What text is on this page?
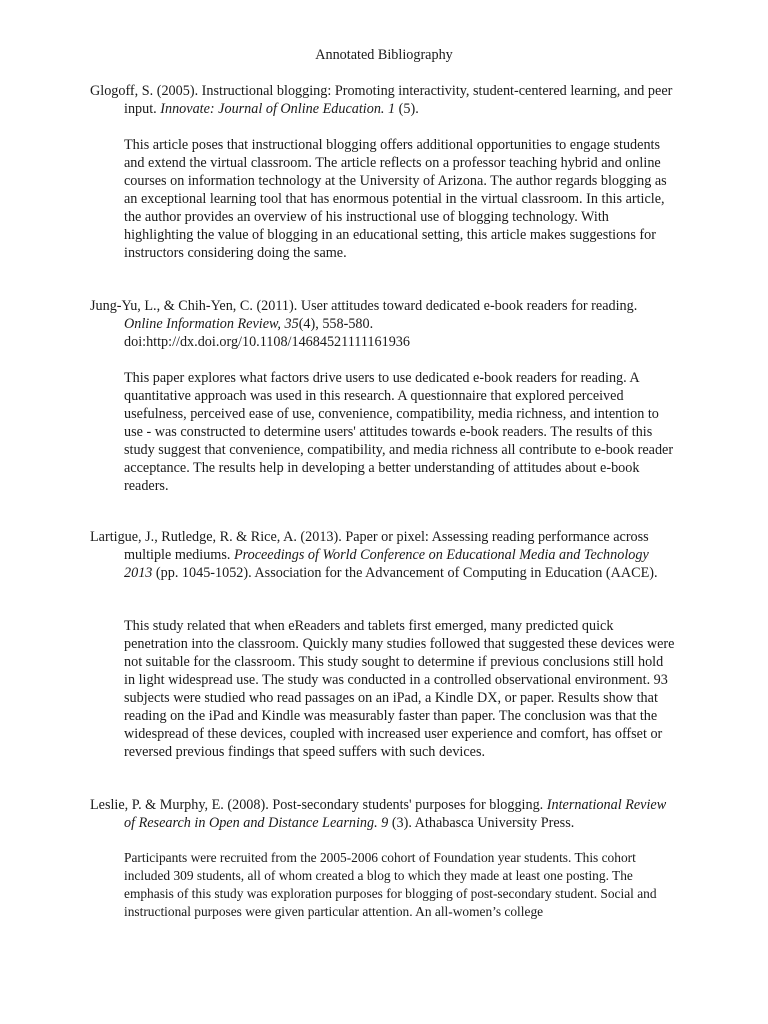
Annotated Bibliography

Glogoff, S. (2005). Instructional blogging: Promoting interactivity, student-centered learning, and peer input. Innovate: Journal of Online Education. 1 (5).

This article poses that instructional blogging offers additional opportunities to engage students and extend the virtual classroom. The article reflects on a professor teaching hybrid and online courses on information technology at the University of Arizona. The author regards blogging as an exceptional learning tool that has enormous potential in the virtual classroom. In this article, the author provides an overview of his instructional use of blogging technology. With highlighting the value of blogging in an educational setting, this article makes suggestions for instructors considering doing the same.

Jung-Yu, L., & Chih-Yen, C. (2011). User attitudes toward dedicated e-book readers for reading. Online Information Review, 35(4), 558-580.
doi:http://dx.doi.org/10.1108/14684521111161936

This paper explores what factors drive users to use dedicated e-book readers for reading. A quantitative approach was used in this research. A questionnaire that explored perceived usefulness, perceived ease of use, convenience, compatibility, media richness, and intention to use - was constructed to determine users' attitudes towards e-book readers. The results of this study suggest that convenience, compatibility, and media richness all contribute to e-book reader acceptance. The results help in developing a better understanding of attitudes about e-book readers.

Lartigue, J., Rutledge, R. & Rice, A. (2013). Paper or pixel: Assessing reading performance across multiple mediums. Proceedings of World Conference on Educational Media and Technology 2013 (pp. 1045-1052). Association for the Advancement of Computing in Education (AACE).

This study related that when eReaders and tablets first emerged, many predicted quick penetration into the classroom. Quickly many studies followed that suggested these devices were not suitable for the classroom. This study sought to determine if previous conclusions still hold in light widespread use. The study was conducted in a controlled observational environment. 93 subjects were studied who read passages on an iPad, a Kindle DX, or paper. Results show that reading on the iPad and Kindle was measurably faster than paper. The conclusion was that the widespread of these devices, coupled with increased user experience and comfort, has offset or reversed previous findings that speed suffers with such devices.

Leslie, P. & Murphy, E. (2008). Post-secondary students' purposes for blogging. International Review of Research in Open and Distance Learning. 9 (3). Athabasca University Press.

Participants were recruited from the 2005-2006 cohort of Foundation year students. This cohort included 309 students, all of whom created a blog to which they made at least one posting. The emphasis of this study was exploration purposes for blogging of post-secondary student. Social and instructional purposes were given particular attention. An all-women’s college
